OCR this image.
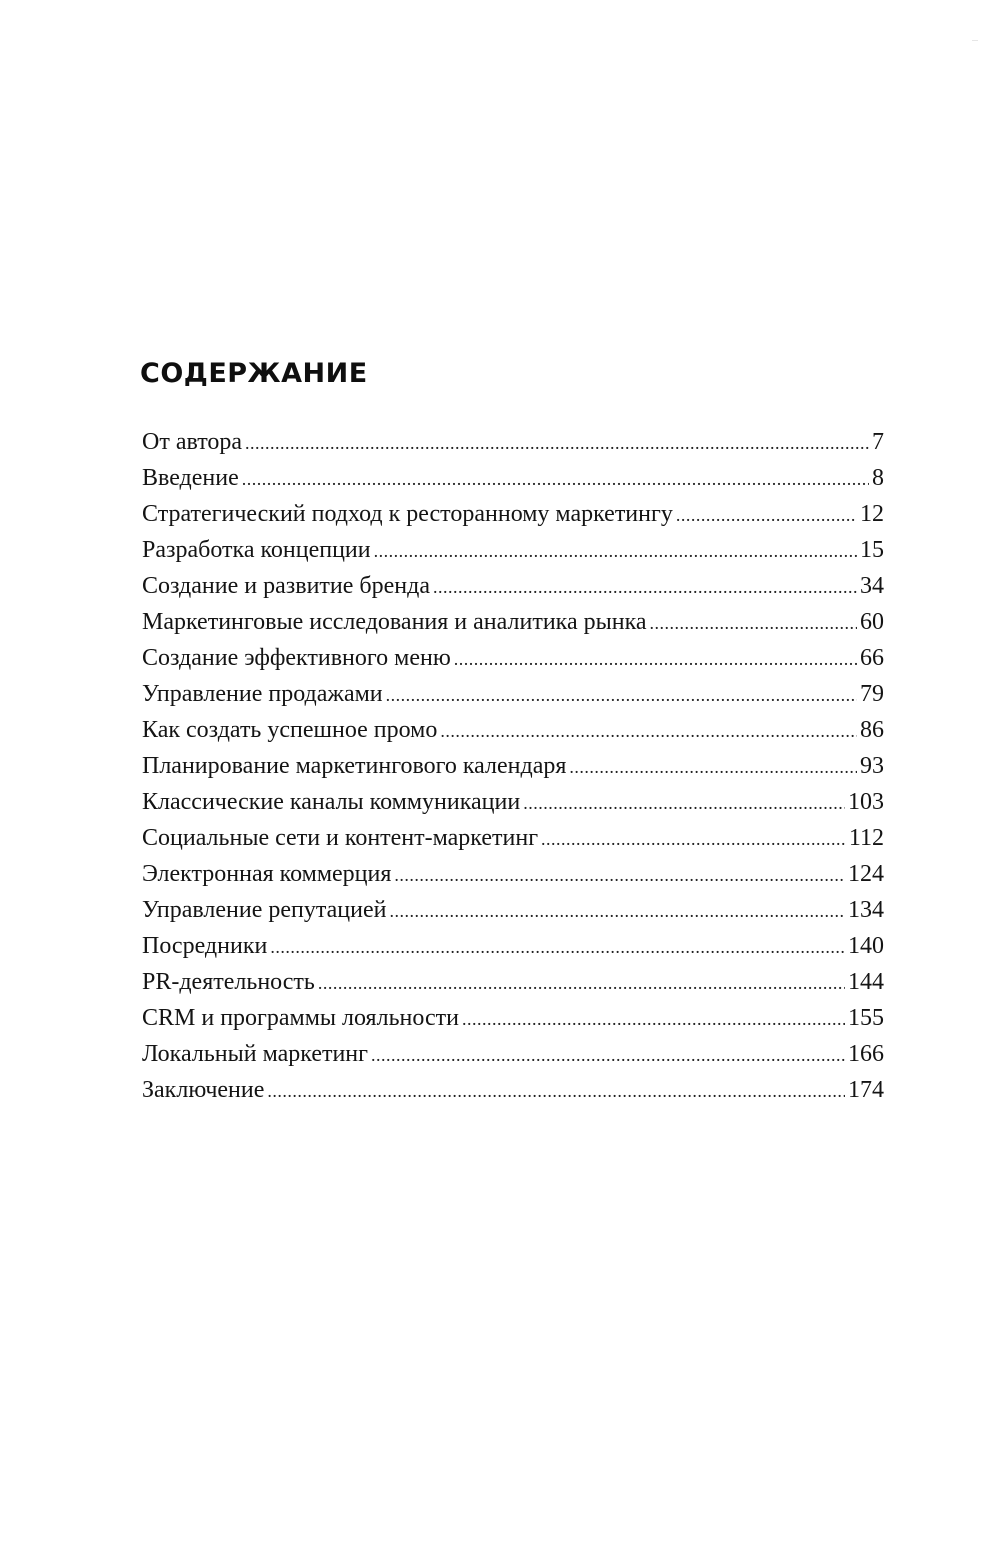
СОДЕРЖАНИЕ
От автора .....	7
Введение .....	8
Стратегический подход к ресторанному маркетингу .....	12
Разработка концепции .....	15
Создание и развитие бренда .....	34
Маркетинговые исследования и аналитика рынка .....	60
Создание эффективного меню .....	66
Управление продажами .....	79
Как создать успешное промо .....	86
Планирование маркетингового календаря .....	93
Классические каналы коммуникации .....	103
Социальные сети и контент-маркетинг .....	112
Электронная коммерция .....	124
Управление репутацией .....	134
Посредники .....	140
PR-деятельность .....	144
CRM и программы лояльности .....	155
Локальный маркетинг .....	166
Заключение .....	174
